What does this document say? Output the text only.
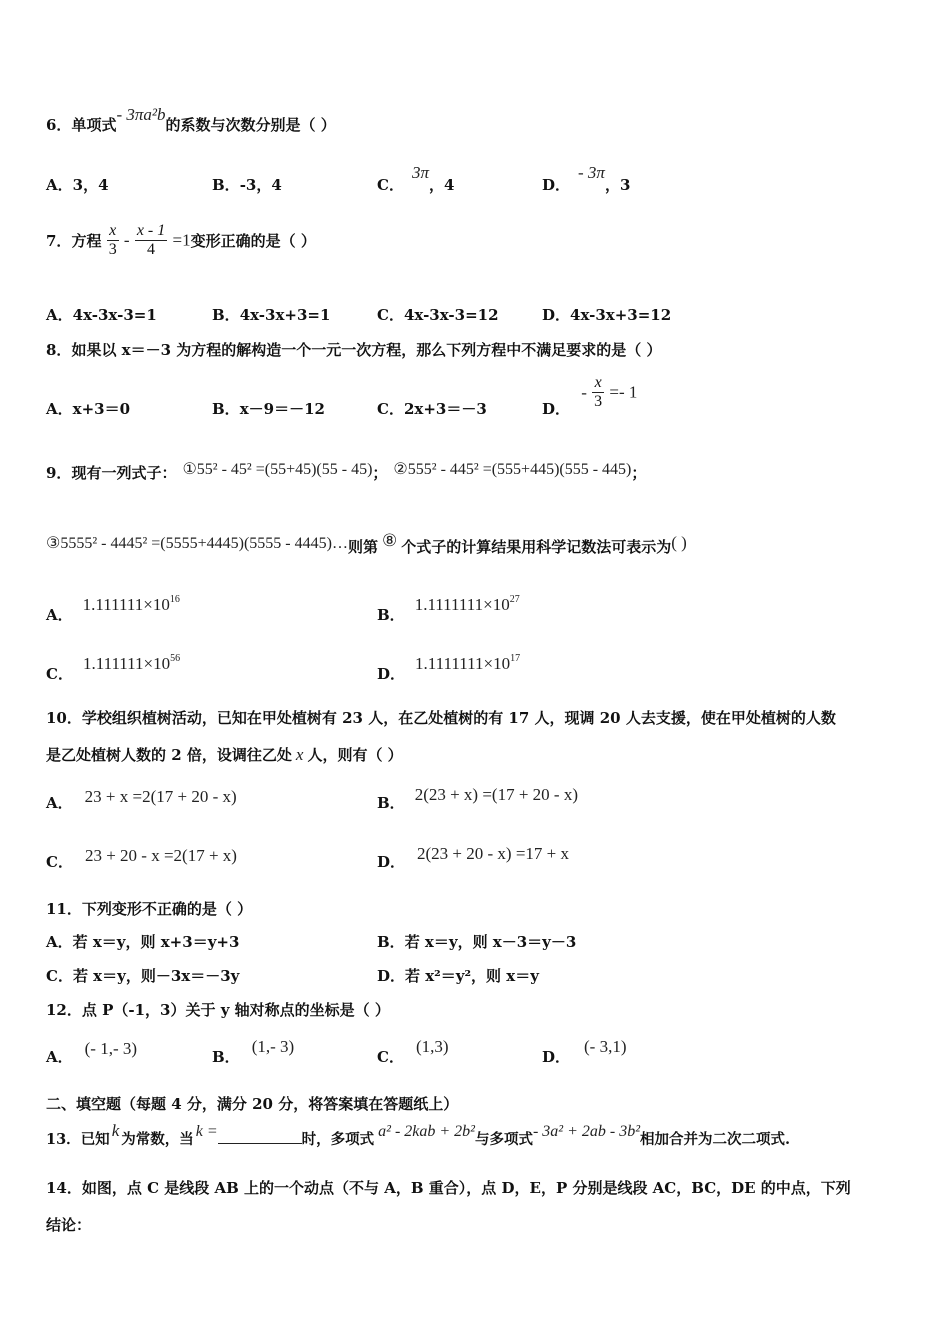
6．单项式- 3πa²b的系数与次数分别是（ ）
A．3，4	B．-3，4	C．3π，4	D．- 3π，3
7．方程 $\frac{x}{3} - \frac{x - 1}{4} =1$变形正确的是（ ）
A．4x-3x-3=1	B．4x-3x+3=1	C．4x-3x-3=12	D．4x-3x+3=12
8．如果以 x＝－3 为方程的解构造一个一元一次方程，那么下列方程中不满足要求的是（ ）
A．x+3＝0	B．x－9＝－12	C．2x+3＝－3	D． - $\frac{x}{3} =- 1$
9．现有一列式子： ①55² - 45² =(55+45)(55 - 45)； ②555² - 445² =(555+445)(555 - 445)；
③5555² - 4445² =(5555+4445)(5555 - 4445)…则第 ⑧ 个式子的计算结果用科学记数法可表示为( )
A．$1.111111\times 10^{16}$
B．$1.1111111\times 10^{27}$
C．$1.111111\times 10^{56}$
D．$1.1111111\times 10^{17}$
10．学校组织植树活动，已知在甲处植树有 23 人，在乙处植树的有 17 人，现调 20 人去支援，使在甲处植树的人数
是乙处植树人数的 2 倍，设调往乙处 x 人，则有（ ）
A． 23 + x =2(17 + 20 - x)	B． 2(23 + x) =(17 + 20 - x)
C． 23 + 20 - x =2(17 + x)	D． 2(23 + 20 - x) =17 + x
11．下列变形不正确的是（ ）
A．若 x＝y，则 x+3＝y+3	B．若 x＝y，则 x－3＝y－3
C．若 x＝y，则－3x＝－3y	D．若 x²＝y²，则 x＝y
12．点 P（-1，3）关于 y 轴对称点的坐标是（ ）
A． (- 1,- 3)	B．(1,- 3)
C．(1,3)
D．(- 3,1)
二、填空题（每题 4 分，满分 20 分，将答案填在答题纸上）
13．已知 k 为常数，当 k =	时，多项式 a² - 2kab + 2b²与多项式- 3a² + 2ab - 3b²相加合并为二次二项式.
14．如图，点 C 是线段 AB 上的一个动点（不与 A，B 重合），点 D，E，P 分别是线段 AC，BC，DE 的中点，下列
结论：
